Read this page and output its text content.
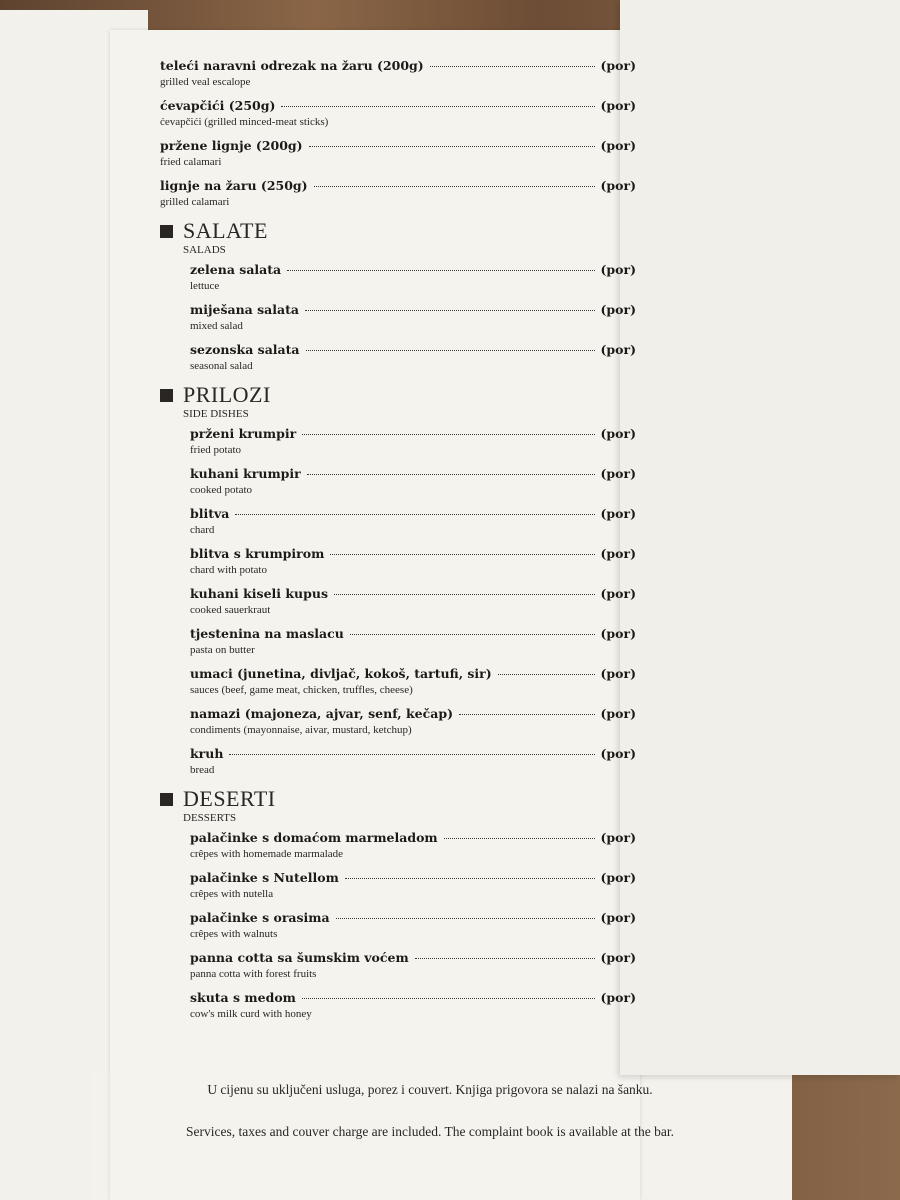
teleći naravni odrezak na žaru (200g)	(por)
grilled veal escalope
ćevapčići (250g)	(por)
ćevapčići (grilled minced-meat sticks)
pržene lignje (200g)	(por)
fried calamari
lignje na žaru (250g)	(por)
grilled calamari
SALATE
SALADS
zelena salata	(por)
lettuce
miješana salata	(por)
mixed salad
sezonska salata	(por)
seasonal salad
PRILOZI
SIDE DISHES
prženi krumpir	(por)
fried potato
kuhani krumpir	(por)
cooked potato
blitva	(por)
chard
blitva s krumpirom	(por)
chard with potato
kuhani kiseli kupus	(por)
cooked sauerkraut
tjestenina na maslacu	(por)
pasta on butter
umaci (junetina, divljač, kokoš, tartufi, sir)	(por)
sauces (beef, game meat, chicken, truffles, cheese)
namazi (majoneza, ajvar, senf, kečap)	(por)
condiments (mayonnaise, aivar, mustard, ketchup)
kruh	(por)
bread
DESERTI
DESSERTS
palačinke s domaćom marmeladom	(por)
crêpes with homemade marmalade
palačinke s Nutellom	(por)
crêpes with nutella
palačinke s orasima	(por)
crêpes with walnuts
panna cotta sa šumskim voćem	(por)
panna cotta with forest fruits
skuta s medom	(por)
cow's milk curd with honey
U cijenu su uključeni usluga, porez i couvert. Knjiga prigovora se nalazi na šanku.
Services, taxes and couver charge are included. The complaint book is available at the bar.
